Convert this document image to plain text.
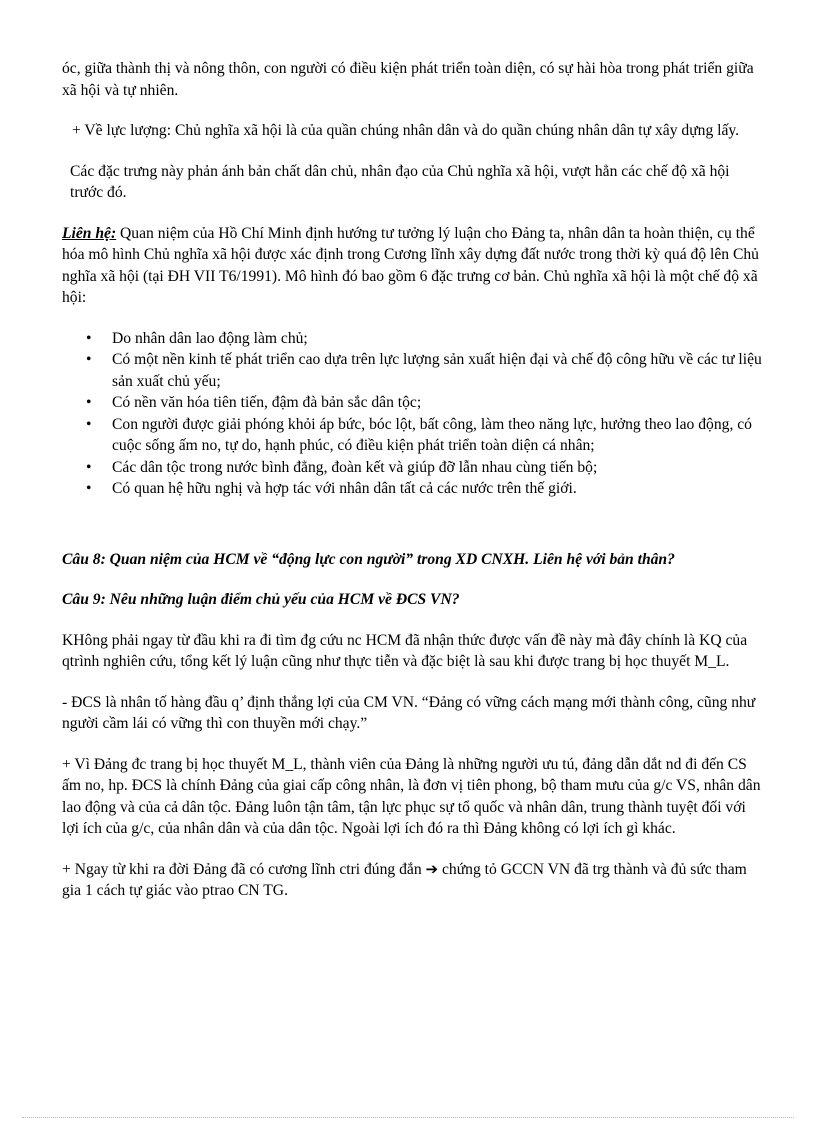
óc, giữa thành thị và nông thôn, con người có điều kiện phát triển toàn diện, có sự hài hòa trong phát triển giữa xã hội và tự nhiên.

+ Về lực lượng: Chủ nghĩa xã hội là của quần chúng nhân dân và do quần chúng nhân dân tự xây dựng lấy.

Các đặc trưng này phản ánh bản chất dân chủ, nhân đạo của Chủ nghĩa xã hội, vượt hẳn các chế độ xã hội trước đó.

Liên hệ: Quan niệm của Hồ Chí Minh định hướng tư tưởng lý luận cho Đảng ta, nhân dân ta hoàn thiện, cụ thể hóa mô hình Chủ nghĩa xã hội được xác định trong Cương lĩnh xây dựng đất nước trong thời kỳ quá độ lên Chủ nghĩa xã hội (tại ĐH VII T6/1991). Mô hình đó bao gồm 6 đặc trưng cơ bản. Chủ nghĩa xã hội là một chế độ xã hội:

• Do nhân dân lao động làm chủ;
• Có một nền kinh tế phát triển cao dựa trên lực lượng sản xuất hiện đại và chế độ công hữu về các tư liệu sản xuất chủ yếu;
• Có nền văn hóa tiên tiến, đậm đà bản sắc dân tộc;
• Con người được giải phóng khỏi áp bức, bóc lột, bất công, làm theo năng lực, hưởng theo lao động, có cuộc sống ấm no, tự do, hạnh phúc, có điều kiện phát triển toàn diện cá nhân;
• Các dân tộc trong nước bình đẳng, đoàn kết và giúp đỡ lẫn nhau cùng tiến bộ;
• Có quan hệ hữu nghị và hợp tác với nhân dân tất cả các nước trên thế giới.

Câu 8: Quan niệm của HCM về “động lực con người” trong XD CNXH. Liên hệ với bản thân?

Câu 9: Nêu những luận điểm chủ yếu của HCM về ĐCS VN?

KHông phải ngay từ đầu khi ra đi tìm đg cứu nc HCM đã nhận thức được vấn đề này mà đây chính là KQ của qtrình nghiên cứu, tổng kết lý luận cũng như thực tiễn và đặc biệt là sau khi được trang bị học thuyết M_L.

- ĐCS là nhân tố hàng đầu q’ định thắng lợi của CM VN. “Đảng có vững cách mạng mới thành công, cũng như người cầm lái có vững thì con thuyền mới chạy.”

+ Vì Đảng đc trang bị học thuyết M_L, thành viên của Đảng là những người ưu tú, đảng dẫn dắt nd đi đến CS ấm no, hp. ĐCS là chính Đảng của giai cấp công nhân, là đơn vị tiên phong, bộ tham mưu của g/c VS, nhân dân lao động và của cả dân tộc. Đảng luôn tận tâm, tận lực phục sự tổ quốc và nhân dân, trung thành tuyệt đối với lợi ích của g/c, của nhân dân và của dân tộc. Ngoài lợi ích đó ra thì Đảng không có lợi ích gì khác.

+ Ngay từ khi ra đời Đảng đã có cương lĩnh ctri đúng đắn ➔ chứng tỏ GCCN VN đã trg thành và đủ sức tham gia 1 cách tự giác vào ptrao CN TG.
